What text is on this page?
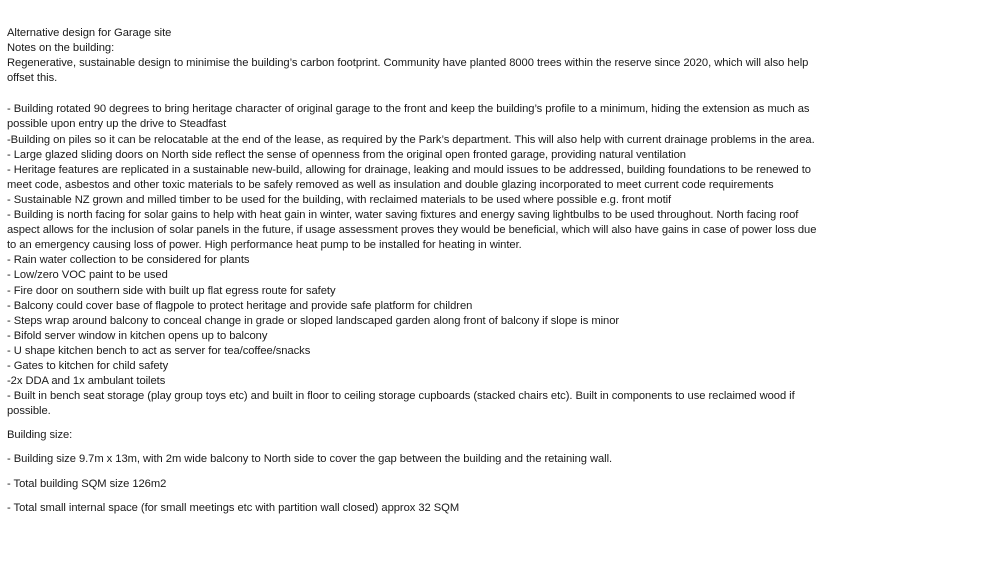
Alternative design for Garage site
Notes on the building:
Regenerative, sustainable design to minimise the building’s carbon footprint. Community have planted 8000 trees within the reserve since 2020, which will also help offset this.
- Building rotated 90 degrees to bring heritage character of original garage to the front and keep the building’s profile to a minimum, hiding the extension as much as possible upon entry up the drive to Steadfast
-Building on piles so it can be relocatable at the end of the lease, as required by the Park’s department. This will also help with current drainage problems in the area.
- Large glazed sliding doors on North side reflect the sense of openness from the original open fronted garage, providing natural ventilation
- Heritage features are replicated in a sustainable new-build, allowing for drainage, leaking and mould issues to be addressed, building foundations to be renewed to meet code, asbestos and other toxic materials to be safely removed as well as insulation and double glazing incorporated to meet current code requirements
- Sustainable NZ grown and milled timber to be used for the building, with reclaimed materials to be used where possible e.g. front motif
- Building is north facing for solar gains to help with heat gain in winter, water saving fixtures and energy saving lightbulbs to be used throughout. North facing roof aspect allows for the inclusion of solar panels in the future, if usage assessment proves they would be beneficial, which will also have gains in case of power loss due to an emergency causing loss of power. High performance heat pump to be installed for heating in winter.
- Rain water collection to be considered for plants
- Low/zero VOC paint to be used
- Fire door on southern side with built up flat egress route for safety
- Balcony could cover base of flagpole to protect heritage and provide safe platform for children
- Steps wrap around balcony to conceal change in grade or sloped landscaped garden along front of balcony if slope is minor
- Bifold server window in kitchen opens up to balcony
- U shape kitchen bench to act as server for tea/coffee/snacks
- Gates to kitchen for child safety
-2x DDA and 1x ambulant toilets
- Built in bench seat storage (play group toys etc) and built in floor to ceiling storage cupboards (stacked chairs etc). Built in components to use reclaimed wood if possible.
Building size:
- Building size 9.7m x 13m, with 2m wide balcony to North side to cover the gap between the building and the retaining wall.
- Total building SQM size 126m2
- Total small internal space (for small meetings etc with partition wall closed) approx 32 SQM
